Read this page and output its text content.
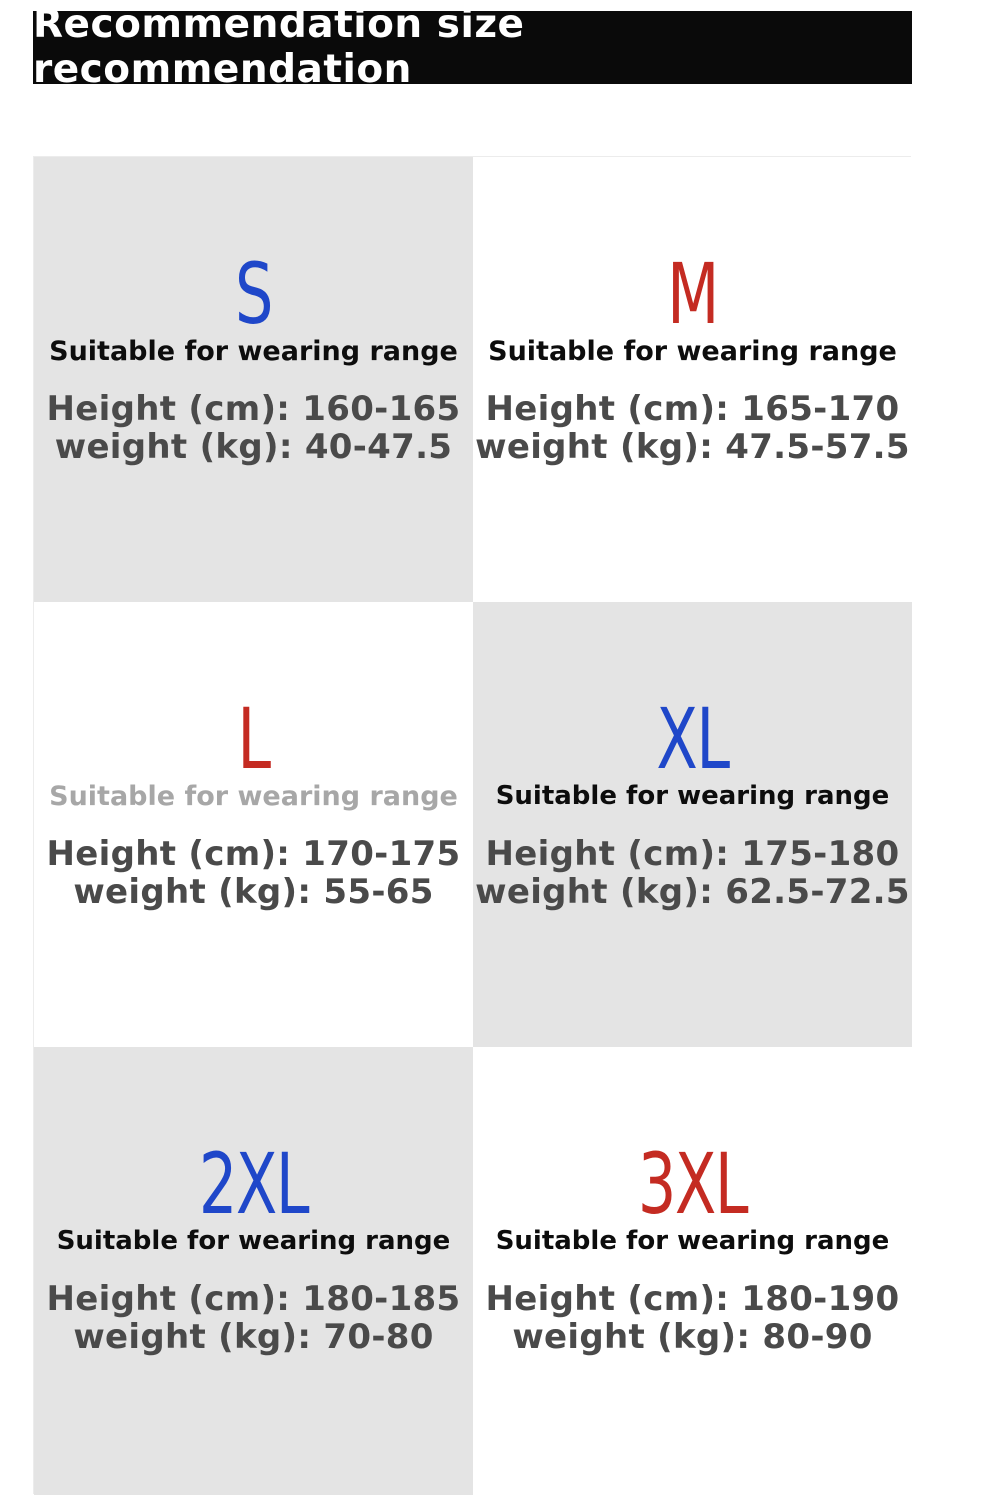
Recommendation size recommendation
S
Suitable for wearing range
Height (cm): 160-165
weight (kg): 40-47.5
M
Suitable for wearing range
Height (cm): 165-170
weight (kg): 47.5-57.5
L
Suitable for wearing range
Height (cm): 170-175
weight (kg): 55-65
XL
Suitable for wearing range
Height (cm): 175-180
weight (kg): 62.5-72.5
2XL
Suitable for wearing range
Height (cm): 180-185
weight (kg): 70-80
3XL
Suitable for wearing range
Height (cm): 180-190
weight (kg): 80-90
